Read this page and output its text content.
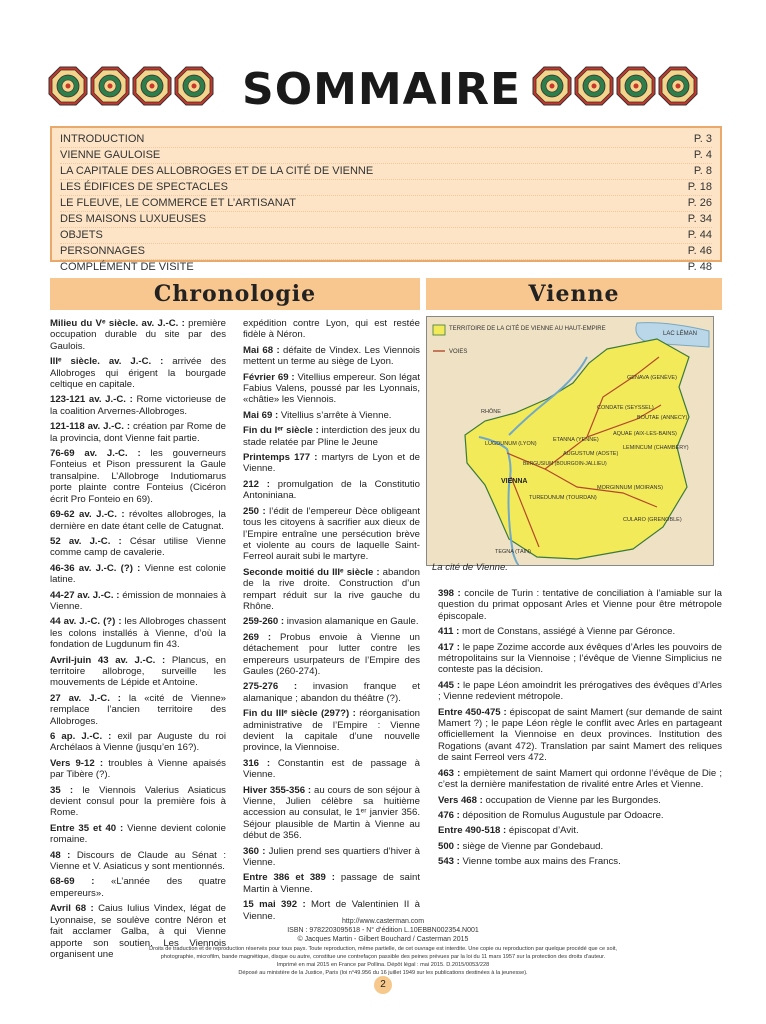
SOMMAIRE
INTRODUCTION	P. 3
VIENNE GAULOISE	P. 4
LA CAPITALE DES ALLOBROGES ET DE LA CITÉ DE VIENNE	P. 8
LES ÉDIFICES DE SPECTACLES	P. 18
LE FLEUVE, LE COMMERCE ET L’ARTISANAT	P. 26
DES MAISONS LUXUEUSES	P. 34
OBJETS	P. 44
PERSONNAGES	P. 46
COMPLÉMENT DE VISITE	P. 48
Chronologie	Vienne

Milieu du Vᵉ siècle. av. J.-C. : première occupation durable du site par des Gaulois.

IIIᵉ siècle. av. J.-C. : arrivée des Allobroges qui érigent la bourgade celtique en capitale.

123-121 av. J.-C. : Rome victorieuse de la coalition Arvernes-Allobroges.

121-118 av. J.-C. : création par Rome de la provincia, dont Vienne fait partie.

76-69 av. J.-C. : les gouverneurs Fonteius et Pison pressurent la Gaule transalpine. L’Allobroge Indutiomarus porte plainte contre Fonteius (Cicéron écrit Pro Fonteio en 69).

69-62 av. J.-C. : révoltes allobroges, la dernière en date étant celle de Catugnat.

52 av. J.-C. : César utilise Vienne comme camp de cavalerie.

46-36 av. J.-C. (?) : Vienne est colonie latine.

44-27 av. J.-C. : émission de monnaies à Vienne.

44 av. J.-C. (?) : les Allobroges chassent les colons installés à Vienne, d’où la fondation de Lugdunum fin 43.

Avril-juin 43 av. J.-C. : Plancus, en territoire allobroge, surveille les mouvements de Lépide et Antoine.

27 av. J.-C. : la «cité de Vienne» remplace l’ancien territoire des Allobroges.

6 ap. J.-C. : exil par Auguste du roi Archélaos à Vienne (jusqu’en 16?).

Vers 9-12 : troubles à Vienne apaisés par Tibère (?).

35 : le Viennois Valerius Asiaticus devient consul pour la première fois à Rome.

Entre 35 et 40 : Vienne devient colonie romaine.

48 : Discours de Claude au Sénat : Vienne et V. Asiaticus y sont mentionnés.

68-69 : «L’année des quatre empereurs».

Avril 68 : Caius Iulius Vindex, légat de Lyonnaise, se soulève contre Néron et fait acclamer Galba, à qui Vienne apporte son soutien. Les Viennois organisent une

expédition contre Lyon, qui est restée fidèle à Néron.

Mai 68 : défaite de Vindex. Les Viennois mettent un terme au siège de Lyon.

Février 69 : Vitellius empereur. Son légat Fabius Valens, poussé par les Lyonnais, «châtie» les Viennois.

Mai 69 : Vitellius s’arrête à Vienne.

Fin du Iᵉʳ siècle : interdiction des jeux du stade relatée par Pline le Jeune

Printemps 177 : martyrs de Lyon et de Vienne.

212 : promulgation de la Constitutio Antoniniana.

250 : l’édit de l’empereur Dèce obligeant tous les citoyens à sacrifier aux dieux de l’Empire entraîne une persécution brève et violente au cours de laquelle Saint-Ferreol aurait subi le martyre.

Seconde moitié du IIIᵉ siècle : abandon de la rive droite. Construction d’un rempart réduit sur la rive gauche du Rhône.

259-260 : invasion alamanique en Gaule.

269 : Probus envoie à Vienne un détachement pour lutter contre les empereurs usurpateurs de l’Empire des Gaules (260-274).

275-276 : invasion franque et alamanique ; abandon du théâtre (?).

Fin du IIIᵉ siècle (297?) : réorganisation administrative de l’Empire : Vienne devient la capitale d’une nouvelle province, la Viennoise.

316 : Constantin est de passage à Vienne.

Hiver 355-356 : au cours de son séjour à Vienne, Julien célèbre sa huitième accession au consulat, le 1ᵉʳ janvier 356. Séjour plausible de Martin à Vienne au début de 356.

360 : Julien prend ses quartiers d’hiver à Vienne.

Entre 386 et 389 : passage de saint Martin à Vienne.

15 mai 392 : Mort de Valentinien II à Vienne.

398 : concile de Turin : tentative de conciliation à l’amiable sur la question du primat opposant Arles et Vienne pour être métropole épiscopale.

411 : mort de Constans, assiégé à Vienne par Géronce.

417 : le pape Zozime accorde aux évêques d’Arles les pouvoirs de métropolitains sur la Viennoise ; l’évêque de Vienne Simplicius ne conteste pas la décision.

445 : le pape Léon amoindrit les prérogatives des évêques d’Arles ; Vienne redevient métropole.

Entre 450-475 : épiscopat de saint Mamert (sur demande de saint Mamert ?) ; le pape Léon règle le conflit avec Arles en partageant officiellement la Viennoise en deux provinces. Institution des Rogations (avant 472). Translation par saint Mamert des reliques de saint Ferreol vers 472.

463 : empiètement de saint Mamert qui ordonne l’évêque de Die ; c’est la dernière manifestation de rivalité entre Arles et Vienne.

Vers 468 : occupation de Vienne par les Burgondes.

476 : déposition de Romulus Augustule par Odoacre.

Entre 490-518 : épiscopat d’Avit.

500 : siège de Vienne par Gondebaud.

543 : Vienne tombe aux mains des Francs.

TERRITOIRE DE LA CITÉ DE VIENNE AU HAUT-EMPIRE
VOIES
LAC LÉMAN
GENAVA (GENÈVE)
CONDATE (SEYSSEL)
BOUTAE (ANNECY)
AQUAE (AIX-LES-BAINS)
LEMINCUM (CHAMBÉRY)
RHÔNE
LUGDUNUM (LYON)
ETANNA (YENNE)
BERGUSIUM (BOURGOIN-JALLIEU)
AUGUSTUM (AOSTE)
VIENNA
MORGINNUM (MOIRANS)
TUREDUNUM (TOURDAN)
CULARO (GRENOBLE)
TEGNA (TAIN)
La cité de Vienne.
http://www.casterman.com
ISBN : 9782203095618 - N° d’édition L.10EBBN002354.N001
© Jacques Martin - Gilbert Bouchard / Casterman 2015
Droits de traduction et de reproduction réservés pour tous pays. Toute reproduction, même partielle, de cet ouvrage est interdite. Une copie ou reproduction par quelque procédé que ce soit,
photographie, microfilm, bande magnétique, disque ou autre, constitue une contrefaçon passible des peines prévues par la loi du 11 mars 1957 sur la protection des droits d’auteur.
Imprimé en mai 2015 en France par Pollina. Dépôt légal : mai 2015. D.2015/0053/228
Déposé au ministère de la Justice, Paris (loi n°49.956 du 16 juillet 1949 sur les publications destinées à la jeunesse).
2
